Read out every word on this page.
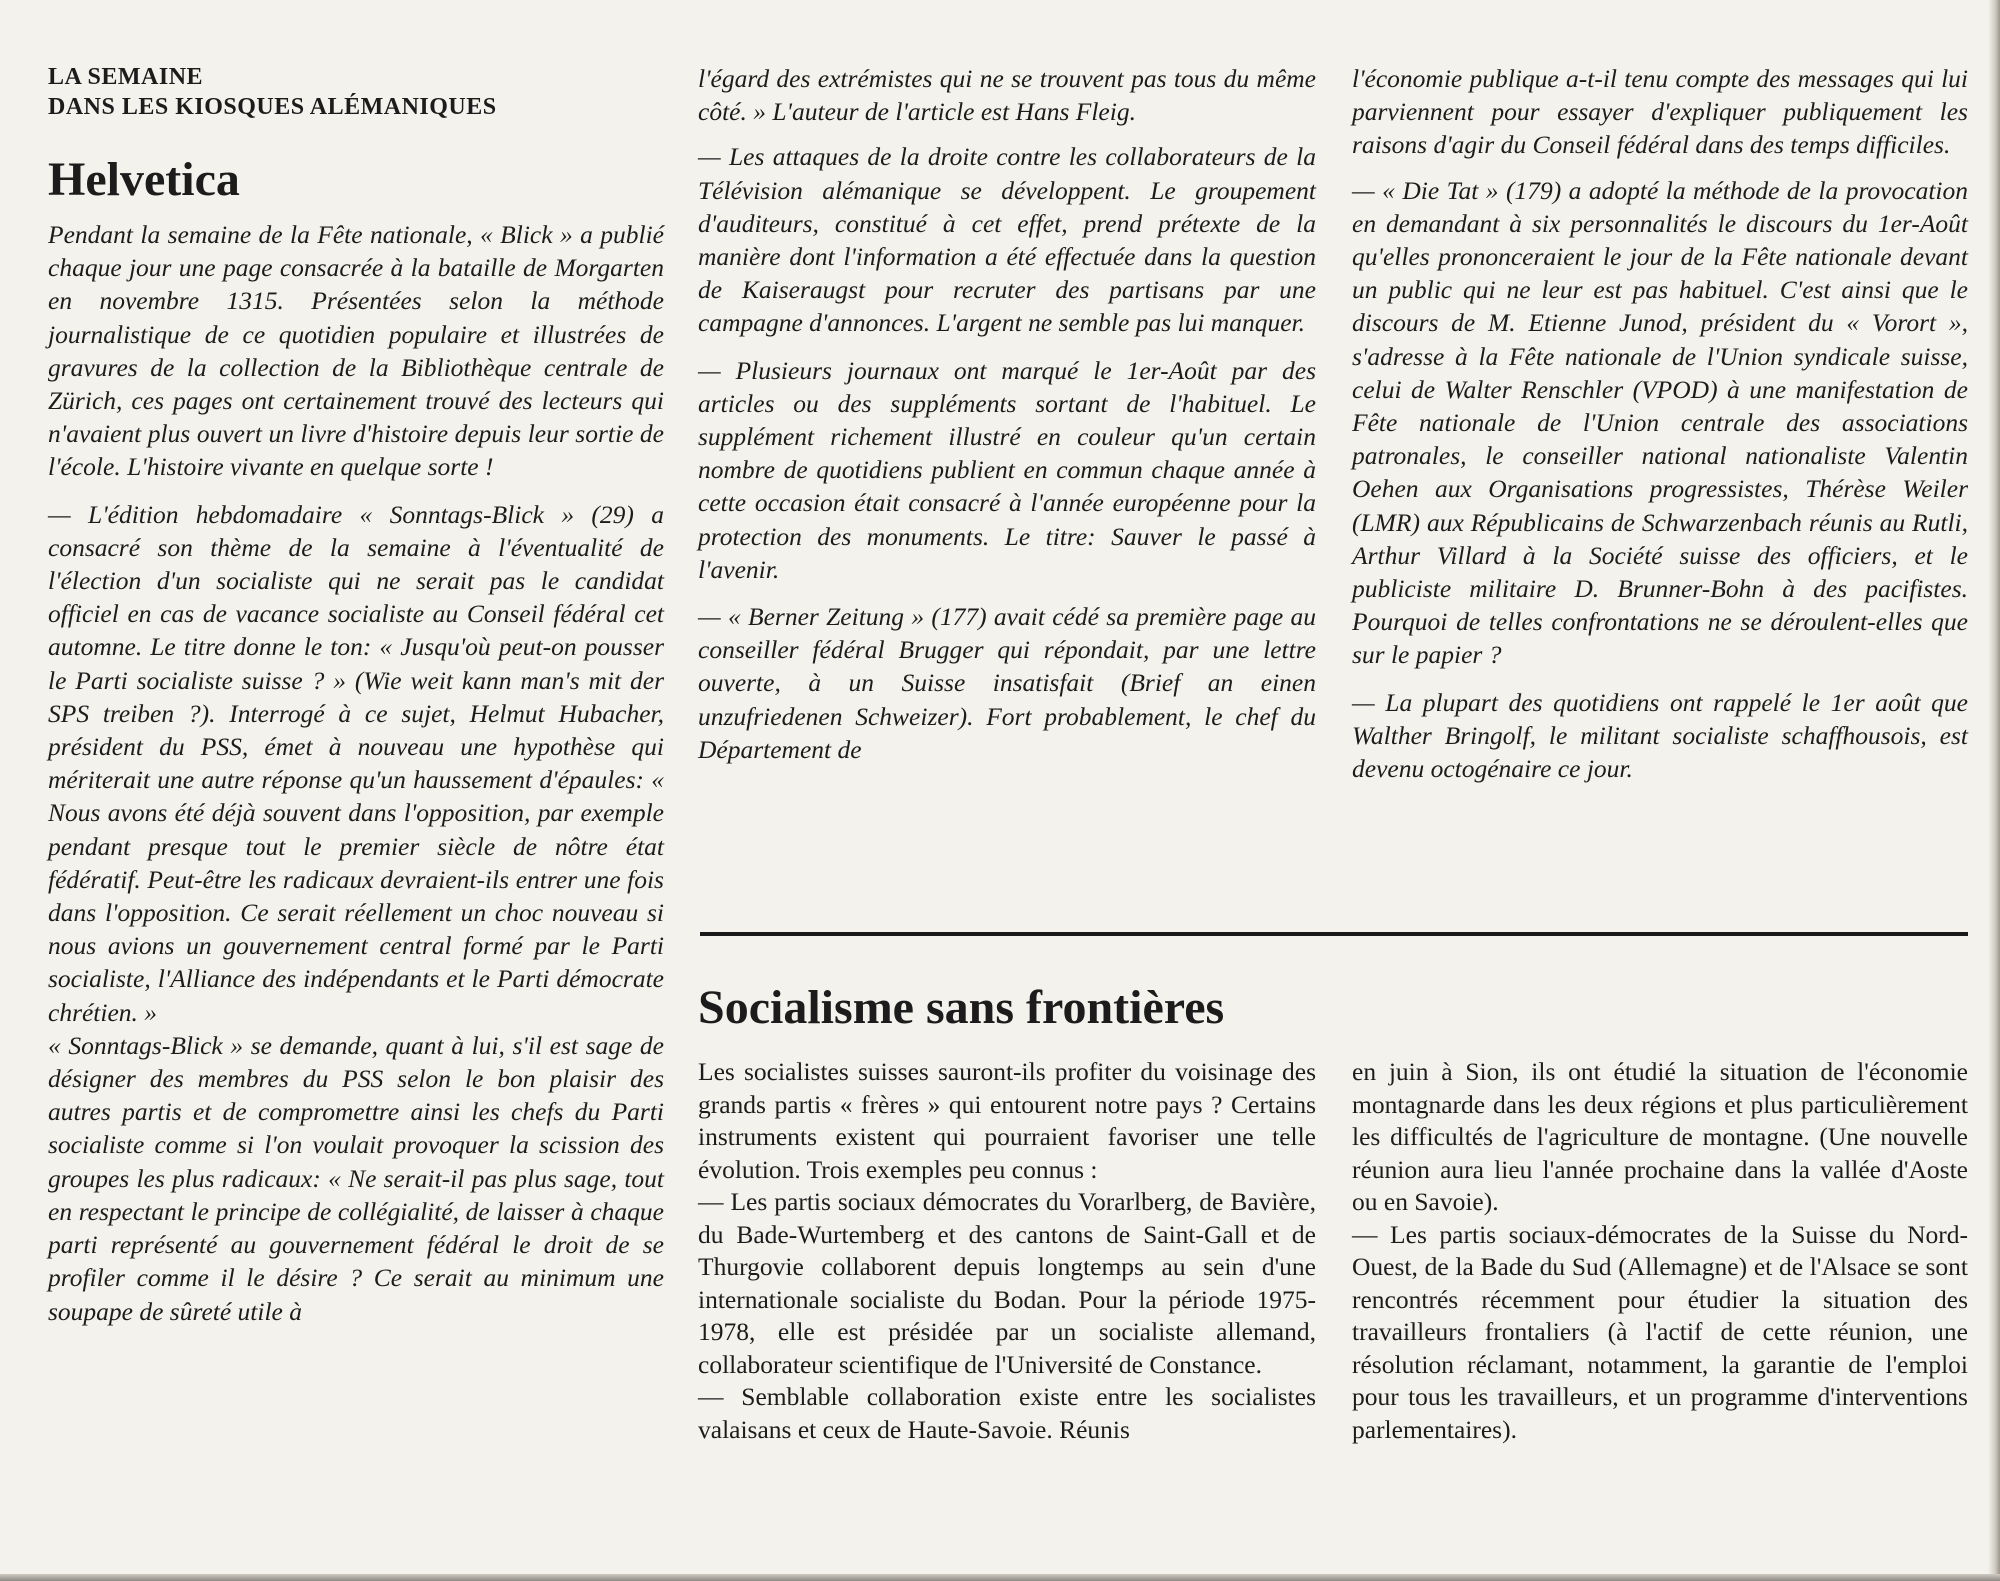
LA SEMAINE
DANS LES KIOSQUES ALÉMANIQUES
Helvetica

Pendant la semaine de la Fête nationale, « Blick » a publié chaque jour une page consacrée à la bataille de Morgarten en novembre 1315. Présentées selon la méthode journalistique de ce quotidien populaire et illustrées de gravures de la collection de la Bibliothèque centrale de Zürich, ces pages ont certainement trouvé des lecteurs qui n'avaient plus ouvert un livre d'histoire depuis leur sortie de l'école. L'histoire vivante en quelque sorte !

— L'édition hebdomadaire « Sonntags-Blick » (29) a consacré son thème de la semaine à l'éventualité de l'élection d'un socialiste qui ne serait pas le candidat officiel en cas de vacance socialiste au Conseil fédéral cet automne. Le titre donne le ton: « Jusqu'où peut-on pousser le Parti socialiste suisse ? » (Wie weit kann man's mit der SPS treiben ?). Interrogé à ce sujet, Helmut Hubacher, président du PSS, émet à nouveau une hypothèse qui mériterait une autre réponse qu'un haussement d'épaules: « Nous avons été déjà souvent dans l'opposition, par exemple pendant presque tout le premier siècle de nôtre état fédératif. Peut-être les radicaux devraient-ils entrer une fois dans l'opposition. Ce serait réellement un choc nouveau si nous avions un gouvernement central formé par le Parti socialiste, l'Alliance des indépendants et le Parti démocrate chrétien. »

« Sonntags-Blick » se demande, quant à lui, s'il est sage de désigner des membres du PSS selon le bon plaisir des autres partis et de compromettre ainsi les chefs du Parti socialiste comme si l'on voulait provoquer la scission des groupes les plus radicaux: « Ne serait-il pas plus sage, tout en respectant le principe de collégialité, de laisser à chaque parti représenté au gouvernement fédéral le droit de se profiler comme il le désire ? Ce serait au minimum une soupape de sûreté utile à

l'égard des extrémistes qui ne se trouvent pas tous du même côté. » L'auteur de l'article est Hans Fleig.

— Les attaques de la droite contre les collaborateurs de la Télévision alémanique se développent. Le groupement d'auditeurs, constitué à cet effet, prend prétexte de la manière dont l'information a été effectuée dans la question de Kaiseraugst pour recruter des partisans par une campagne d'annonces. L'argent ne semble pas lui manquer.

— Plusieurs journaux ont marqué le 1er-Août par des articles ou des suppléments sortant de l'habituel. Le supplément richement illustré en couleur qu'un certain nombre de quotidiens publient en commun chaque année à cette occasion était consacré à l'année européenne pour la protection des monuments. Le titre: Sauver le passé à l'avenir.

— « Berner Zeitung » (177) avait cédé sa première page au conseiller fédéral Brugger qui répondait, par une lettre ouverte, à un Suisse insatisfait (Brief an einen unzufriedenen Schweizer). Fort probablement, le chef du Département de

l'économie publique a-t-il tenu compte des messages qui lui parviennent pour essayer d'expliquer publiquement les raisons d'agir du Conseil fédéral dans des temps difficiles.

— « Die Tat » (179) a adopté la méthode de la provocation en demandant à six personnalités le discours du 1er-Août qu'elles prononceraient le jour de la Fête nationale devant un public qui ne leur est pas habituel. C'est ainsi que le discours de M. Etienne Junod, président du « Vorort », s'adresse à la Fête nationale de l'Union syndicale suisse, celui de Walter Renschler (VPOD) à une manifestation de Fête nationale de l'Union centrale des associations patronales, le conseiller national nationaliste Valentin Oehen aux Organisations progressistes, Thérèse Weiler (LMR) aux Républicains de Schwarzenbach réunis au Rutli, Arthur Villard à la Société suisse des officiers, et le publiciste militaire D. Brunner-Bohn à des pacifistes. Pourquoi de telles confrontations ne se déroulent-elles que sur le papier ?

— La plupart des quotidiens ont rappelé le 1er août que Walther Bringolf, le militant socialiste schaffhousois, est devenu octogénaire ce jour.

Socialisme sans frontières

Les socialistes suisses sauront-ils profiter du voisinage des grands partis « frères » qui entourent notre pays ? Certains instruments existent qui pourraient favoriser une telle évolution. Trois exemples peu connus :

— Les partis sociaux démocrates du Vorarlberg, de Bavière, du Bade-Wurtemberg et des cantons de Saint-Gall et de Thurgovie collaborent depuis longtemps au sein d'une internationale socialiste du Bodan. Pour la période 1975-1978, elle est présidée par un socialiste allemand, collaborateur scientifique de l'Université de Constance.

— Semblable collaboration existe entre les socialistes valaisans et ceux de Haute-Savoie. Réunis

en juin à Sion, ils ont étudié la situation de l'économie montagnarde dans les deux régions et plus particulièrement les difficultés de l'agriculture de montagne. (Une nouvelle réunion aura lieu l'année prochaine dans la vallée d'Aoste ou en Savoie).

— Les partis sociaux-démocrates de la Suisse du Nord-Ouest, de la Bade du Sud (Allemagne) et de l'Alsace se sont rencontrés récemment pour étudier la situation des travailleurs frontaliers (à l'actif de cette réunion, une résolution réclamant, notamment, la garantie de l'emploi pour tous les travailleurs, et un programme d'interventions parlementaires).
